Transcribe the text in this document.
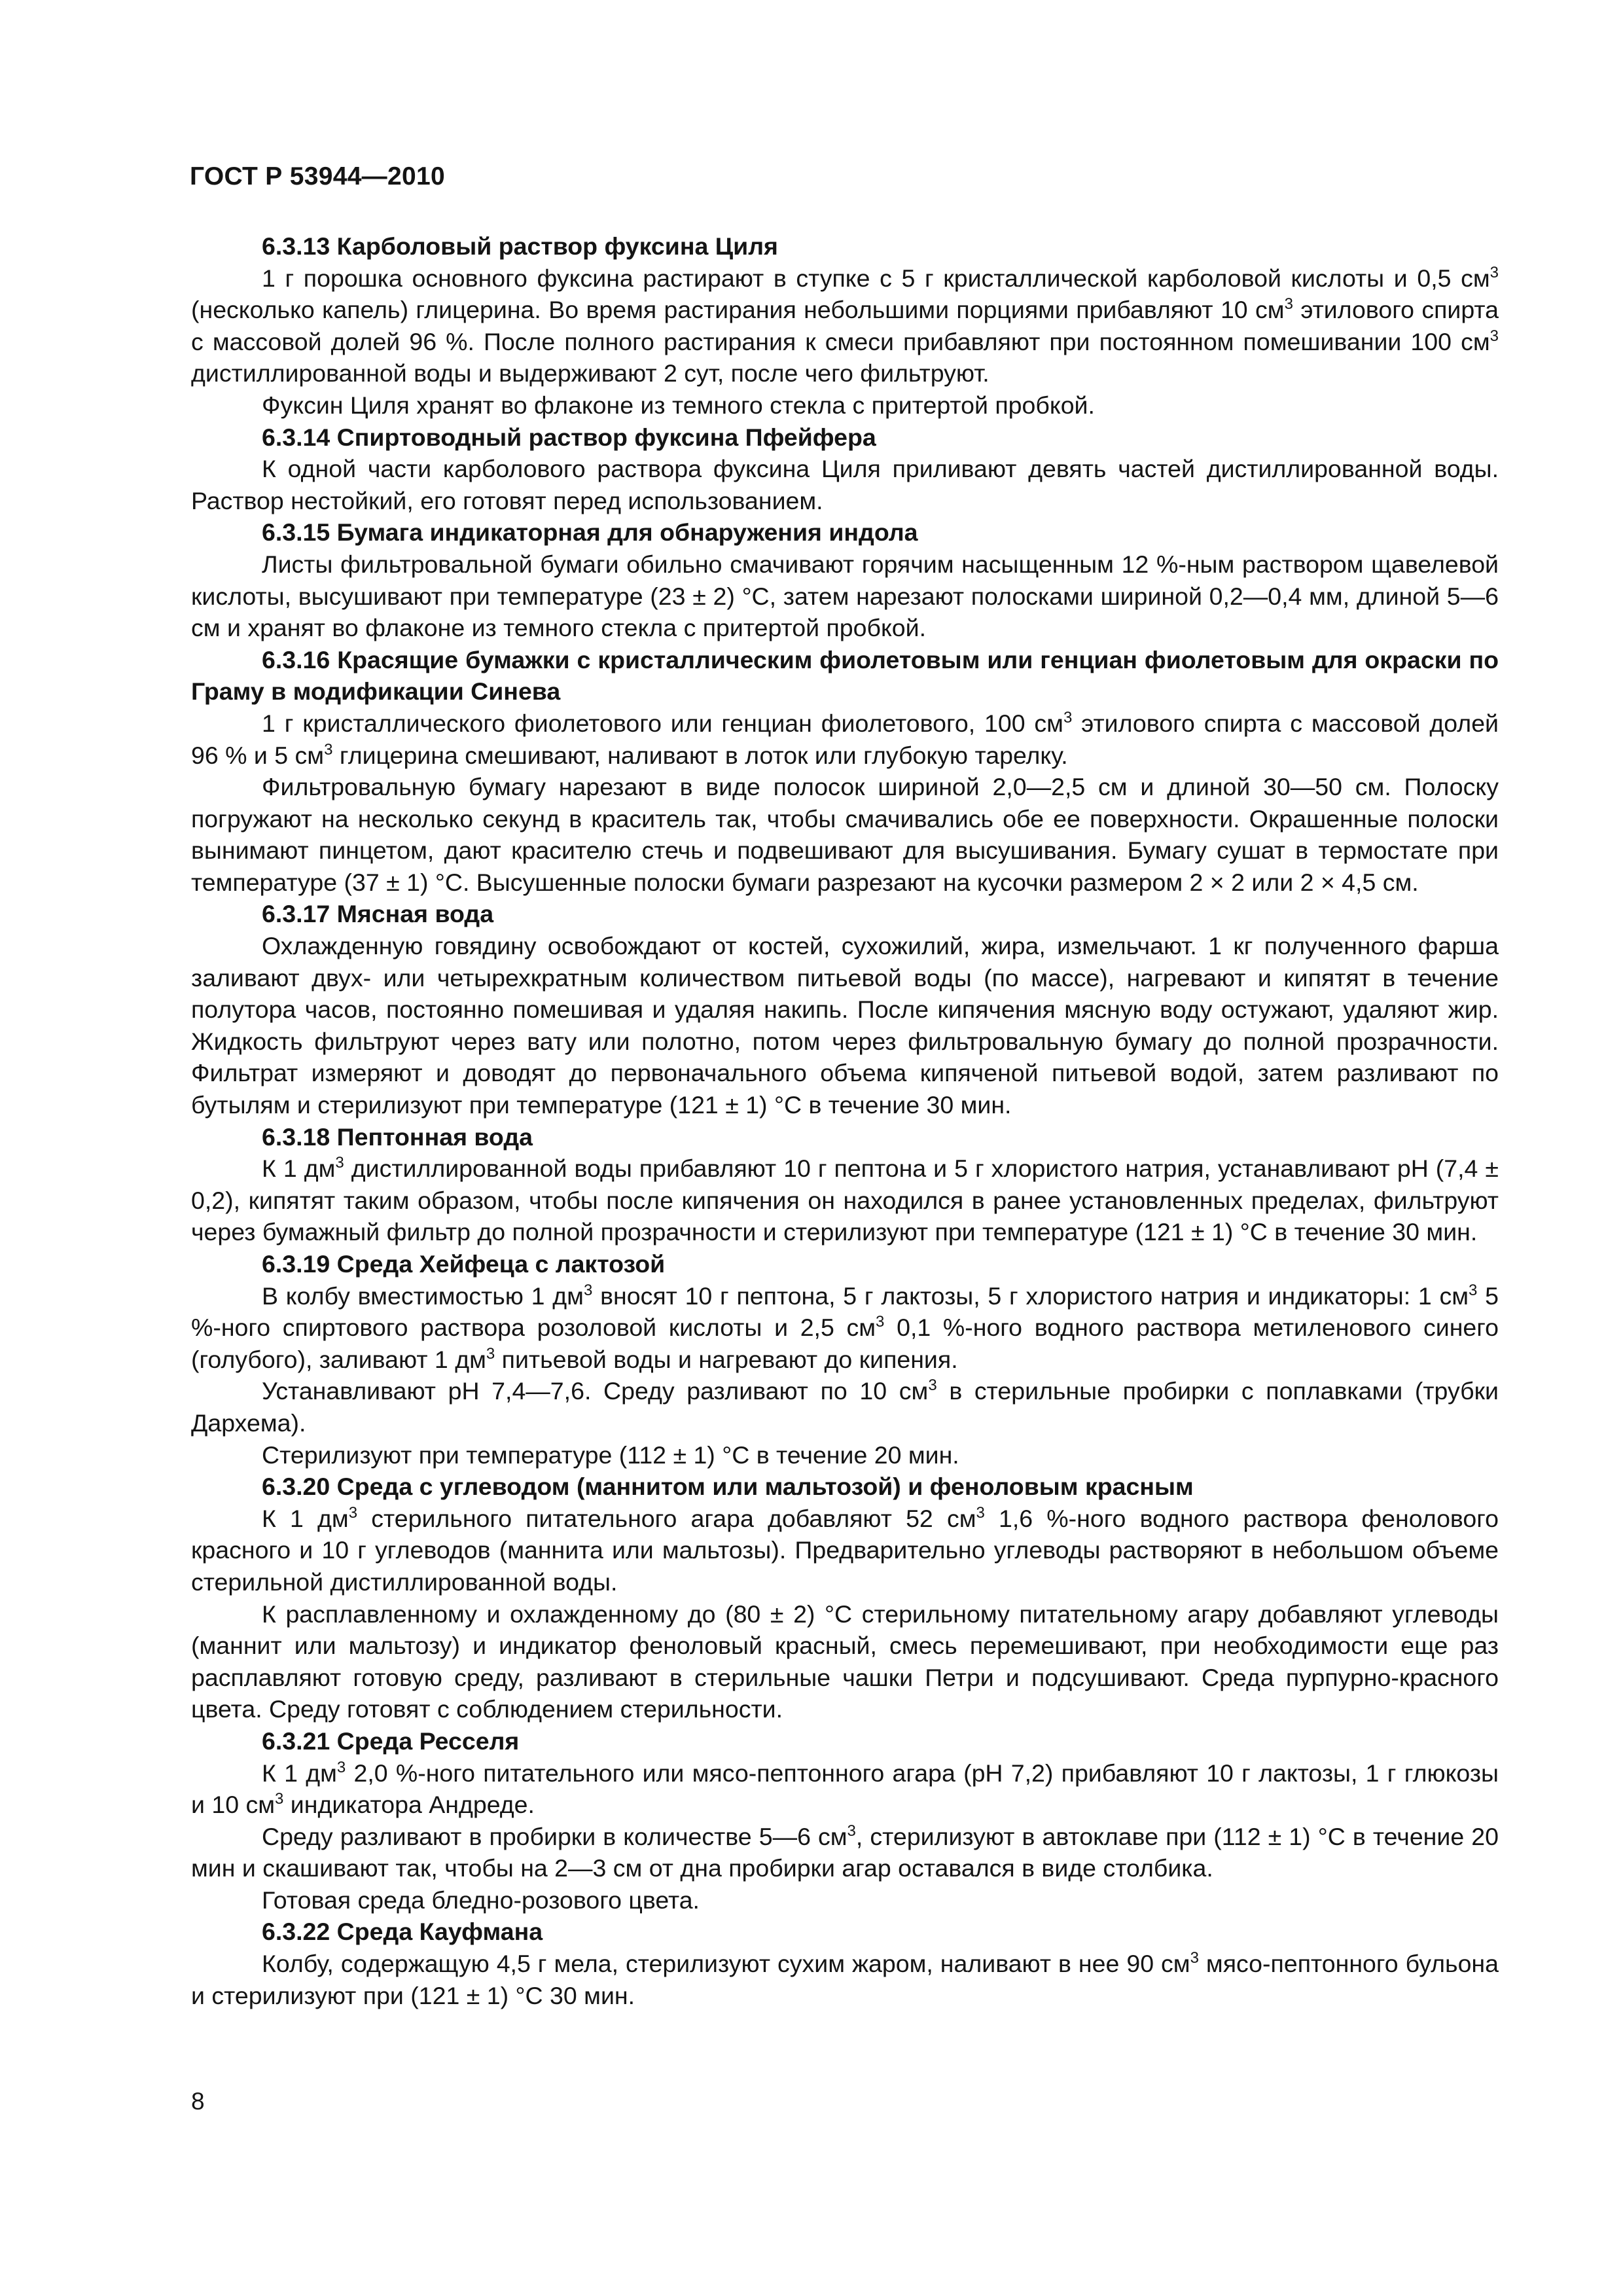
ГОСТ Р 53944—2010

6.3.13 Карболовый раствор фуксина Циля

1 г порошка основного фуксина растирают в ступке с 5 г кристаллической карболовой кислоты и 0,5 $см^3$ (несколько капель) глицерина. Во время растирания небольшими порциями прибавляют 10 $см^3$ этилового спирта с массовой долей 96 %. После полного растирания к смеси прибавляют при постоянном помешивании 100 $см^3$ дистиллированной воды и выдерживают 2 сут, после чего фильтруют.

Фуксин Циля хранят во флаконе из темного стекла с притертой пробкой.

6.3.14 Спиртоводный раствор фуксина Пфейфера

К одной части карболового раствора фуксина Циля приливают девять частей дистиллированной воды. Раствор нестойкий, его готовят перед использованием.

6.3.15 Бумага индикаторная для обнаружения индола

Листы фильтровальной бумаги обильно смачивают горячим насыщенным 12 %-ным раствором щавелевой кислоты, высушивают при температуре (23 ± 2) °С, затем нарезают полосками шириной 0,2—0,4 мм, длиной 5—6 см и хранят во флаконе из темного стекла с притертой пробкой.

6.3.16 Красящие бумажки с кристаллическим фиолетовым или генциан фиолетовым для окраски по Граму в модификации Синева

1 г кристаллического фиолетового или генциан фиолетового, 100 $см^3$ этилового спирта с массовой долей 96 % и 5 $см^3$ глицерина смешивают, наливают в лоток или глубокую тарелку.

Фильтровальную бумагу нарезают в виде полосок шириной 2,0—2,5 см и длиной 30—50 см. Полоску погружают на несколько секунд в краситель так, чтобы смачивались обе ее поверхности. Окрашенные полоски вынимают пинцетом, дают красителю стечь и подвешивают для высушивания. Бумагу сушат в термостате при температуре (37 ± 1) °С. Высушенные полоски бумаги разрезают на кусочки размером 2 × 2 или 2 × 4,5 см.

6.3.17 Мясная вода

Охлажденную говядину освобождают от костей, сухожилий, жира, измельчают. 1 кг полученного фарша заливают двух- или четырехкратным количеством питьевой воды (по массе), нагревают и кипятят в течение полутора часов, постоянно помешивая и удаляя накипь. После кипячения мясную воду остужают, удаляют жир. Жидкость фильтруют через вату или полотно, потом через фильтровальную бумагу до полной прозрачности. Фильтрат измеряют и доводят до первоначального объема кипяченой питьевой водой, затем разливают по бутылям и стерилизуют при температуре (121 ± 1) °С в течение 30 мин.

6.3.18 Пептонная вода

К 1 $дм^3$ дистиллированной воды прибавляют 10 г пептона и 5 г хлористого натрия, устанавливают рН (7,4 ± 0,2), кипятят таким образом, чтобы после кипячения он находился в ранее установленных пределах, фильтруют через бумажный фильтр до полной прозрачности и стерилизуют при температуре (121 ± 1) °С в течение 30 мин.

6.3.19 Среда Хейфеца с лактозой

В колбу вместимостью 1 $дм^3$ вносят 10 г пептона, 5 г лактозы, 5 г хлористого натрия и индикаторы: 1 $см^3$ 5 %-ного спиртового раствора розоловой кислоты и 2,5 $см^3$ 0,1 %-ного водного раствора метиленового синего (голубого), заливают 1 $дм^3$ питьевой воды и нагревают до кипения.

Устанавливают рН 7,4—7,6. Среду разливают по 10 $см^3$ в стерильные пробирки с поплавками (трубки Дархема).

Стерилизуют при температуре (112 ± 1) °С в течение 20 мин.

6.3.20 Среда с углеводом (маннитом или мальтозой) и феноловым красным

К 1 $дм^3$ стерильного питательного агара добавляют 52 $см^3$ 1,6 %-ного водного раствора фенолового красного и 10 г углеводов (маннита или мальтозы). Предварительно углеводы растворяют в небольшом объеме стерильной дистиллированной воды.

К расплавленному и охлажденному до (80 ± 2) °С стерильному питательному агару добавляют углеводы (маннит или мальтозу) и индикатор феноловый красный, смесь перемешивают, при необходимости еще раз расплавляют готовую среду, разливают в стерильные чашки Петри и подсушивают. Среда пурпурно-красного цвета. Среду готовят с соблюдением стерильности.

6.3.21 Среда Ресселя

К 1 $дм^3$ 2,0 %-ного питательного или мясо-пептонного агара (рН 7,2) прибавляют 10 г лактозы, 1 г глюкозы и 10 $см^3$ индикатора Андреде.

Среду разливают в пробирки в количестве 5—6 $см^3$, стерилизуют в автоклаве при (112 ± 1) °С в течение 20 мин и скашивают так, чтобы на 2—3 см от дна пробирки агар оставался в виде столбика.

Готовая среда бледно-розового цвета.

6.3.22 Среда Кауфмана

Колбу, содержащую 4,5 г мела, стерилизуют сухим жаром, наливают в нее 90 $см^3$ мясо-пептонного бульона и стерилизуют при (121 ± 1) °С 30 мин.

8
